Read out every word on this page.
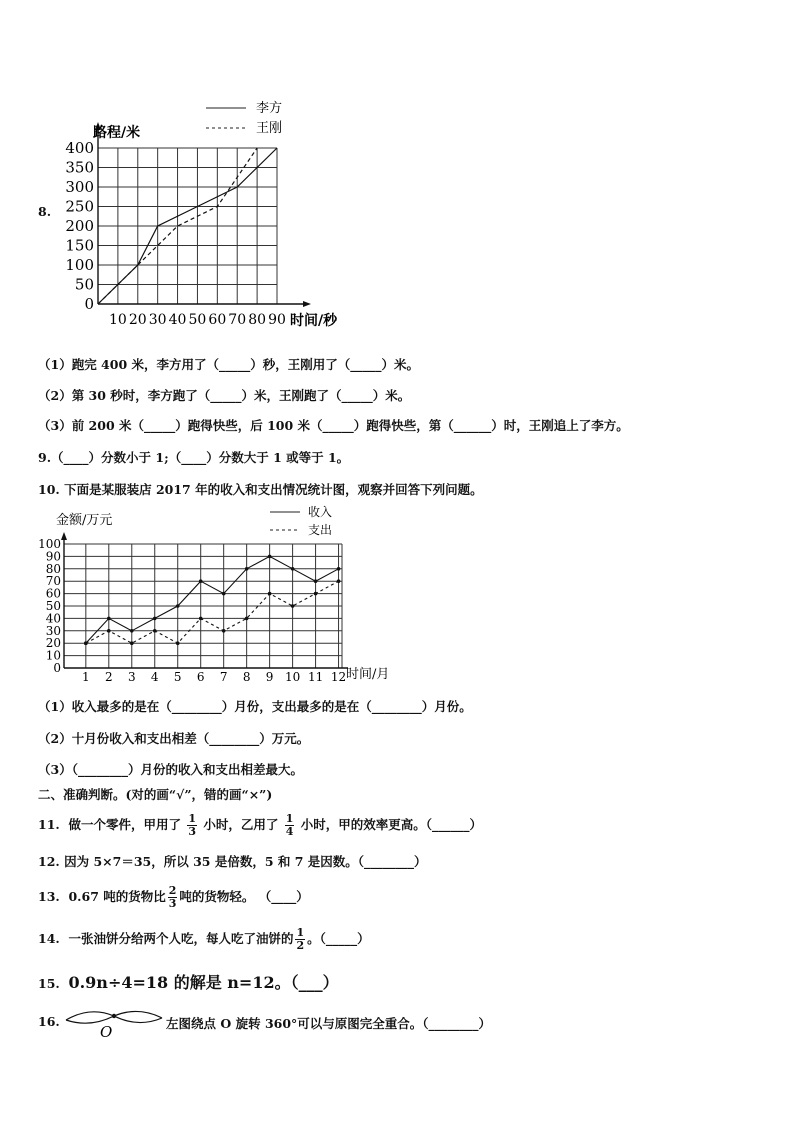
8.
0
50
100
150
200
250
300
350
400
10 20 30 40 50 60 70 80 90
路程/米
时间/秒
李方
王刚
（1）跑完 400 米，李方用了（_____）秒，王刚用了（_____）米。
（2）第 30 秒时，李方跑了（_____）米，王刚跑了（_____）米。
（3）前 200 米（_____）跑得快些，后 100 米（_____）跑得快些，第（______）时，王刚追上了李方。
9.（____）分数小于 1;（____）分数大于 1 或等于 1。
10. 下面是某服装店 2017 年的收入和支出情况统计图，观察并回答下列问题。
0
10
20
30
40
50
60
70
80
90
100
1 2 3 4 5 6 7 8 9 10 11 12
金额/万元
时间/月
收入
支出
（1）收入最多的是在（________）月份，支出最多的是在（________）月份。
（2）十月份收入和支出相差（________）万元。
（3）（________）月份的收入和支出相差最大。
二、准确判断。(对的画“√”，错的画“×”)
11. 做一个零件，甲用了 $\frac{1}{3}$ 小时，乙用了 $\frac{1}{4}$ 小时，甲的效率更高。（______）
12. 因为 5×7＝35，所以 35 是倍数，5 和 7 是因数。（________）
13. 0.67 吨的货物比 $\frac{2}{3}$ 吨的货物轻。 （____）
14. 一张油饼分给两个人吃，每人吃了油饼的 $\frac{1}{2}$ 。（_____）
15. 0.9n÷4=18 的解是 n=12。（___）
16.
O	左图绕点 O 旋转 360°可以与原图完全重合。（________）
